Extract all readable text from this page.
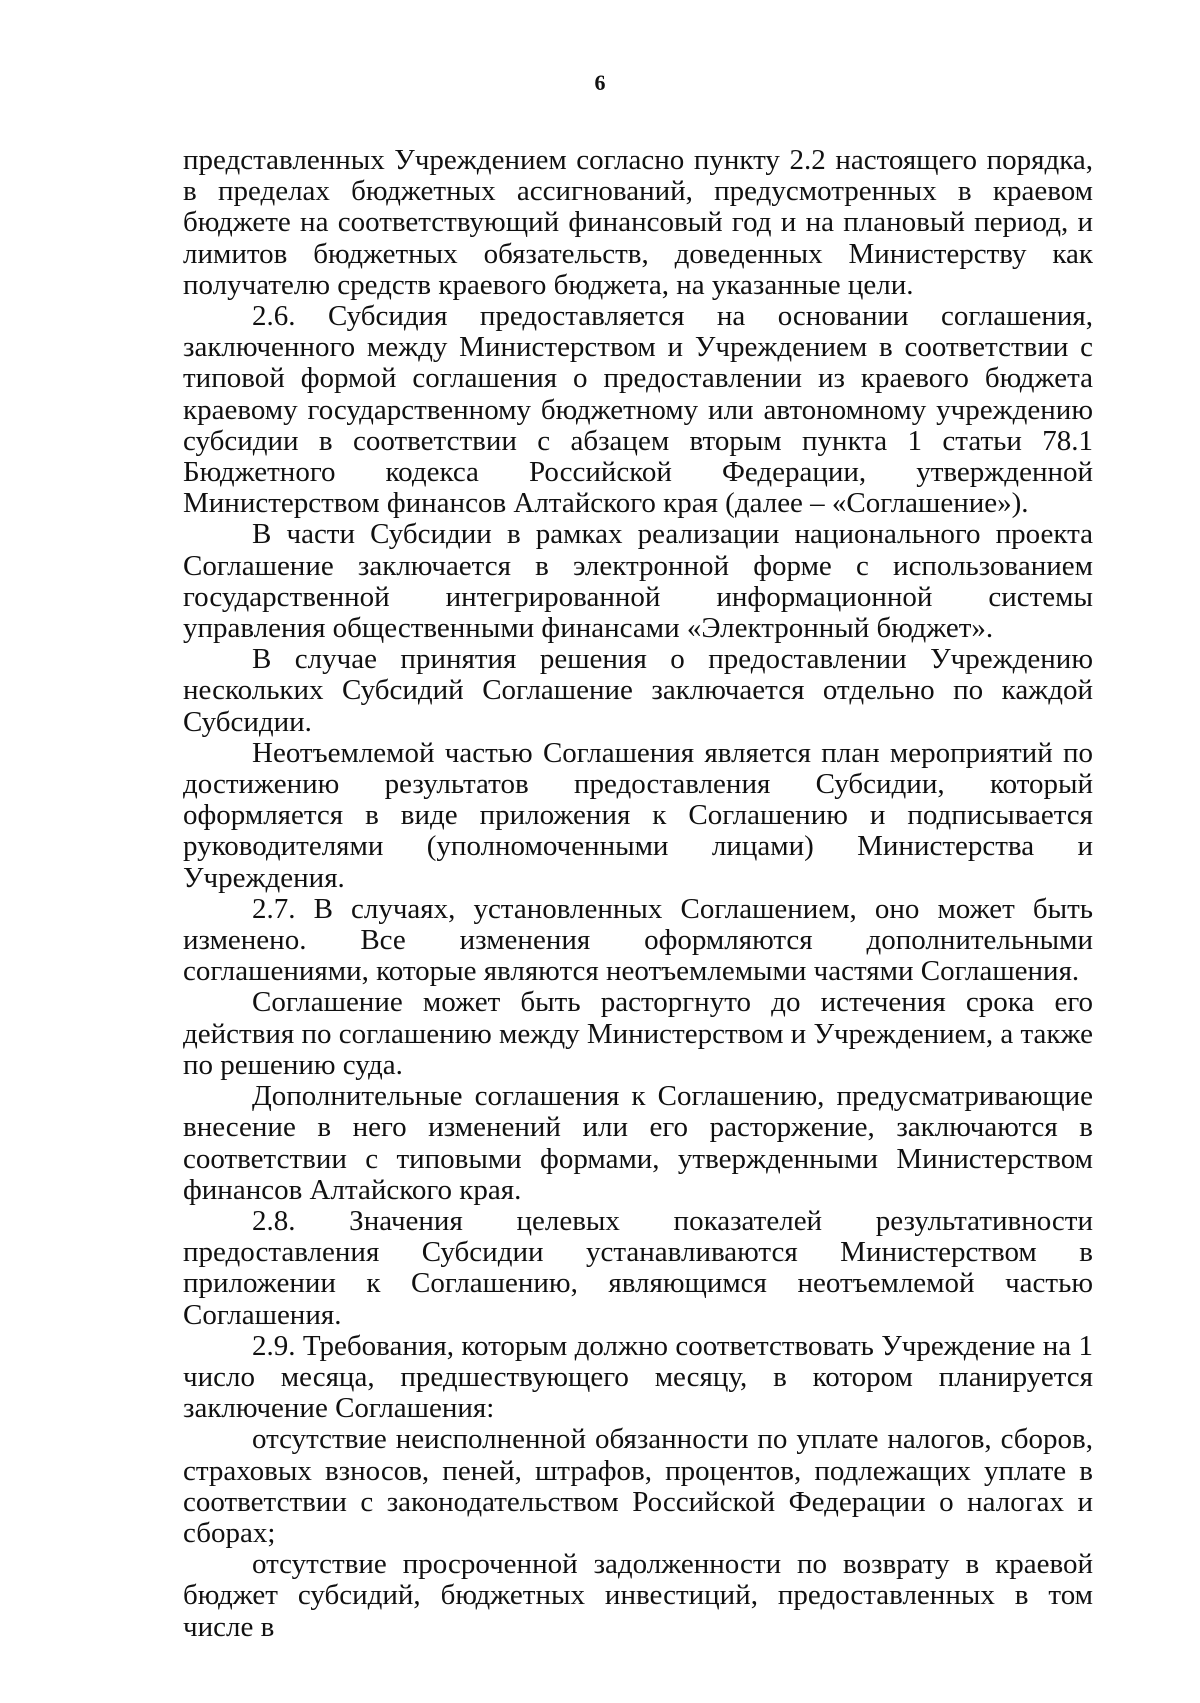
6

представленных Учреждением согласно пункту 2.2 настоящего порядка, в пределах бюджетных ассигнований, предусмотренных в краевом бюджете на соответствующий финансовый год и на плановый период, и лимитов бюджетных обязательств, доведенных Министерству как получателю средств краевого бюджета, на указанные цели.

2.6. Субсидия предоставляется на основании соглашения, заключенного между Министерством и Учреждением в соответствии с типовой формой соглашения о предоставлении из краевого бюджета краевому государственному бюджетному или автономному учреждению субсидии в соответствии с абзацем вторым пункта 1 статьи 78.1 Бюджетного кодекса Российской Федерации, утвержденной Министерством финансов Алтайского края (далее – «Соглашение»).

В части Субсидии в рамках реализации национального проекта Соглашение заключается в электронной форме с использованием государственной интегрированной информационной системы управления общественными финансами «Электронный бюджет».

В случае принятия решения о предоставлении Учреждению нескольких Субсидий Соглашение заключается отдельно по каждой Субсидии.

Неотъемлемой частью Соглашения является план мероприятий по достижению результатов предоставления Субсидии, который оформляется в виде приложения к Соглашению и подписывается руководителями (уполномоченными лицами) Министерства и Учреждения.

2.7. В случаях, установленных Соглашением, оно может быть изменено. Все изменения оформляются дополнительными соглашениями, которые являются неотъемлемыми частями Соглашения.

Соглашение может быть расторгнуто до истечения срока его действия по соглашению между Министерством и Учреждением, а также по решению суда.

Дополнительные соглашения к Соглашению, предусматривающие внесение в него изменений или его расторжение, заключаются в соответствии с типовыми формами, утвержденными Министерством финансов Алтайского края.

2.8. Значения целевых показателей результативности предоставления Субсидии устанавливаются Министерством в приложении к Соглашению, являющимся неотъемлемой частью Соглашения.

2.9. Требования, которым должно соответствовать Учреждение на 1 число месяца, предшествующего месяцу, в котором планируется заключение Соглашения:

отсутствие неисполненной обязанности по уплате налогов, сборов, страховых взносов, пеней, штрафов, процентов, подлежащих уплате в соответствии с законодательством Российской Федерации о налогах и сборах;

отсутствие просроченной задолженности по возврату в краевой бюджет субсидий, бюджетных инвестиций, предоставленных в том числе в
